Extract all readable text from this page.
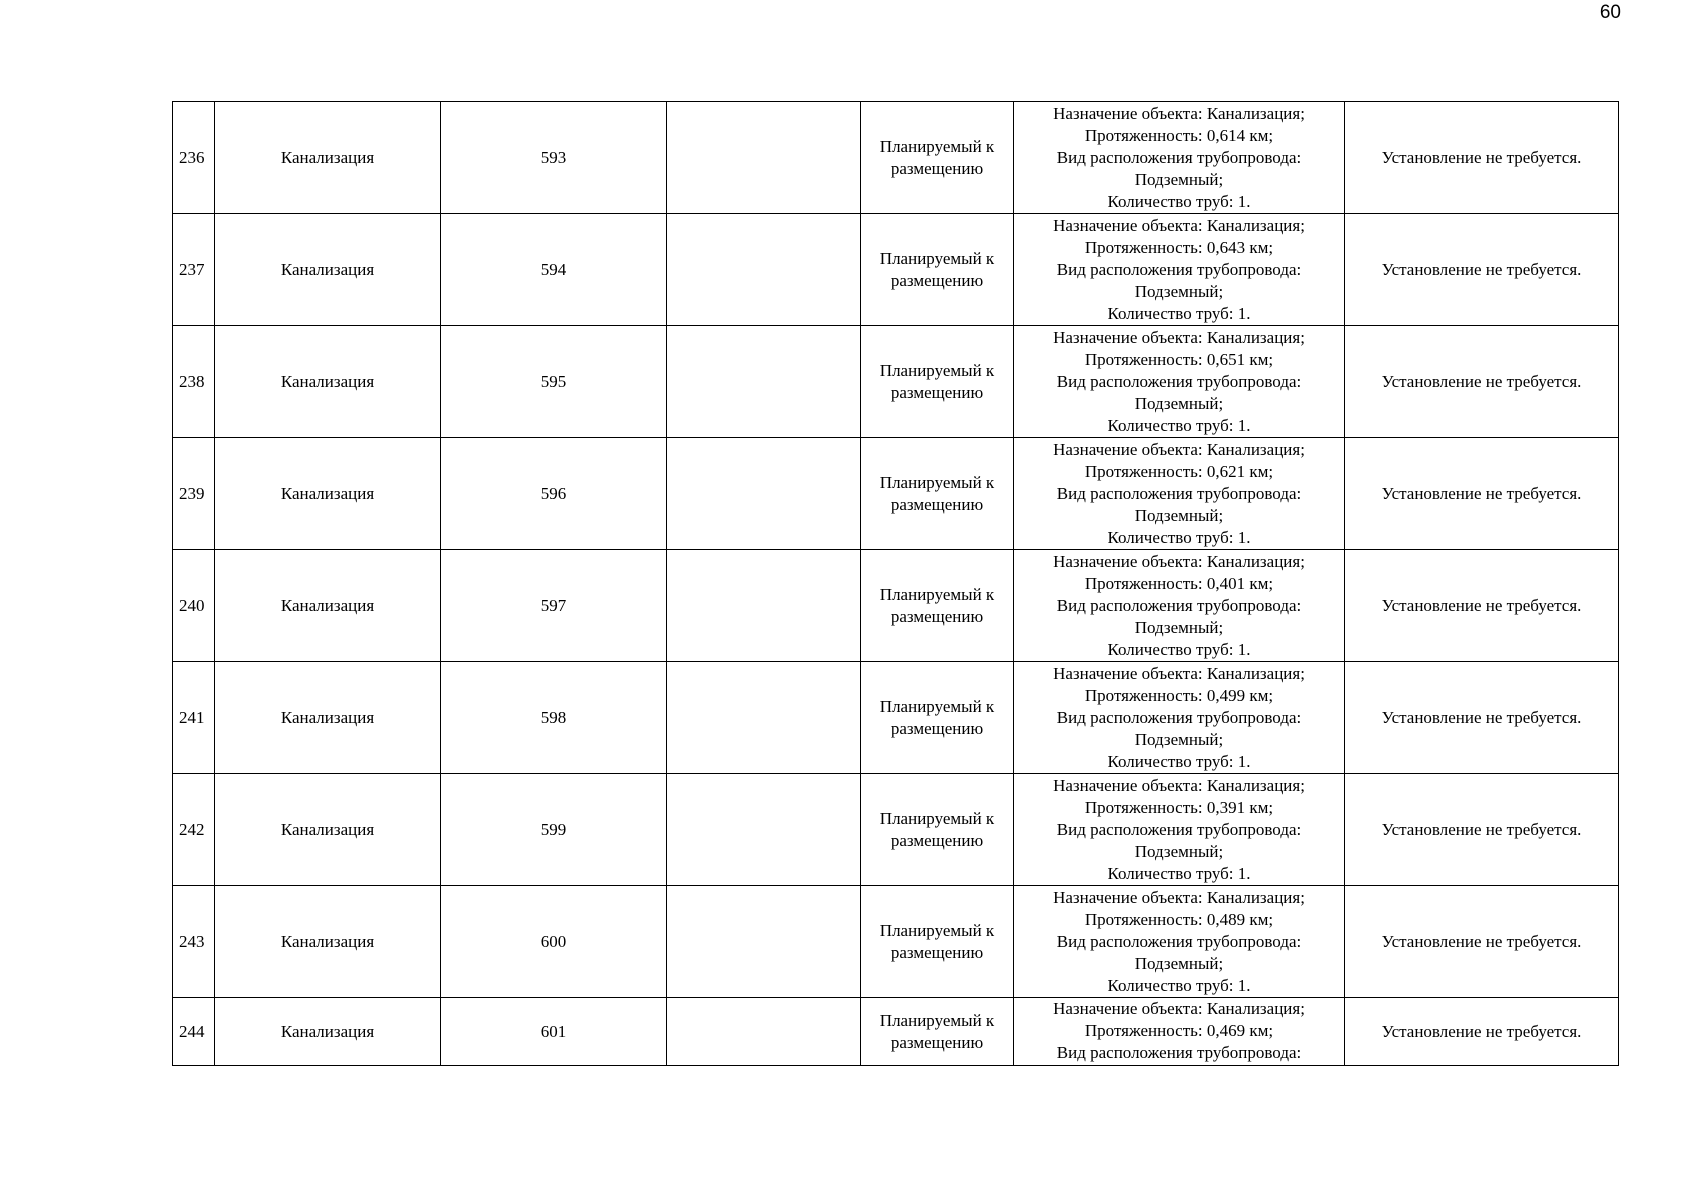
60
236	Канализация	593		Планируемый к размещению	Назначение объекта: Канализация;
Протяженность: 0,614 км;
Вид расположения трубопровода:
Подземный;
Количество труб: 1.	Установление не требуется.
237	Канализация	594		Планируемый к размещению	Назначение объекта: Канализация;
Протяженность: 0,643 км;
Вид расположения трубопровода:
Подземный;
Количество труб: 1.	Установление не требуется.
238	Канализация	595		Планируемый к размещению	Назначение объекта: Канализация;
Протяженность: 0,651 км;
Вид расположения трубопровода:
Подземный;
Количество труб: 1.	Установление не требуется.
239	Канализация	596		Планируемый к размещению	Назначение объекта: Канализация;
Протяженность: 0,621 км;
Вид расположения трубопровода:
Подземный;
Количество труб: 1.	Установление не требуется.
240	Канализация	597		Планируемый к размещению	Назначение объекта: Канализация;
Протяженность: 0,401 км;
Вид расположения трубопровода:
Подземный;
Количество труб: 1.	Установление не требуется.
241	Канализация	598		Планируемый к размещению	Назначение объекта: Канализация;
Протяженность: 0,499 км;
Вид расположения трубопровода:
Подземный;
Количество труб: 1.	Установление не требуется.
242	Канализация	599		Планируемый к размещению	Назначение объекта: Канализация;
Протяженность: 0,391 км;
Вид расположения трубопровода:
Подземный;
Количество труб: 1.	Установление не требуется.
243	Канализация	600		Планируемый к размещению	Назначение объекта: Канализация;
Протяженность: 0,489 км;
Вид расположения трубопровода:
Подземный;
Количество труб: 1.	Установление не требуется.
244	Канализация	601		Планируемый к размещению	Назначение объекта: Канализация;
Протяженность: 0,469 км;
Вид расположения трубопровода:	Установление не требуется.
